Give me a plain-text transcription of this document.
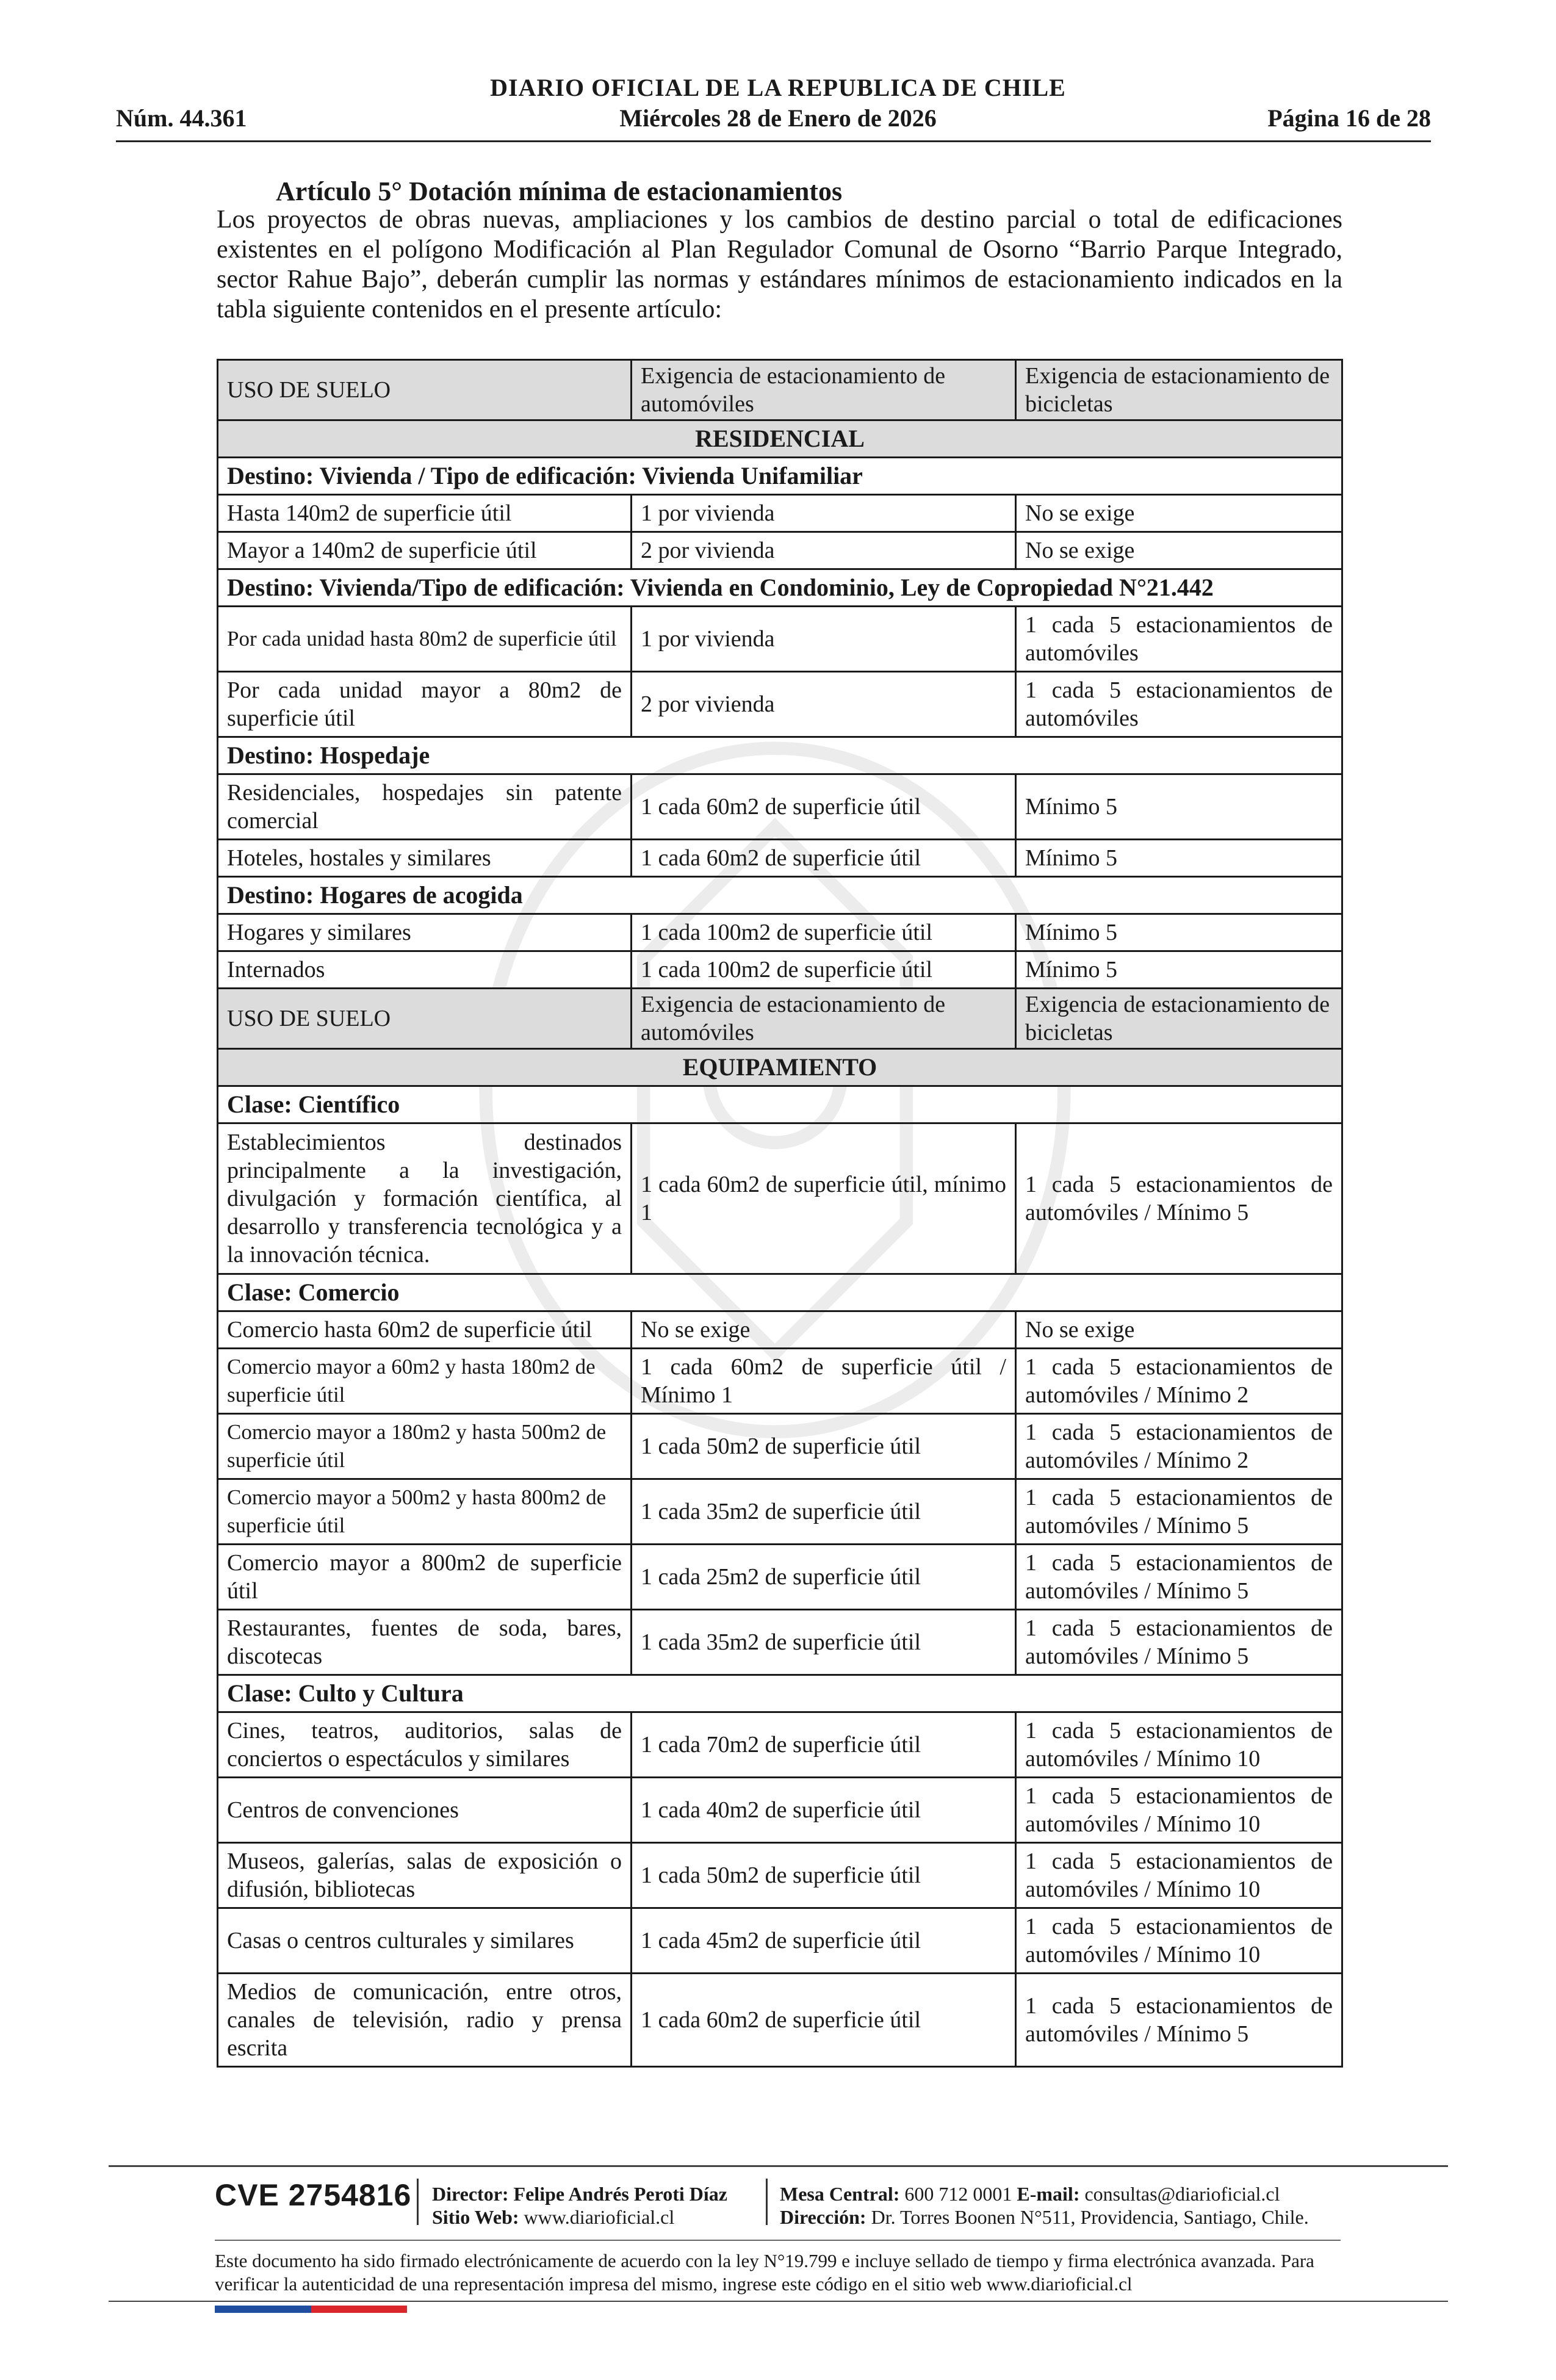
DIARIO OFICIAL DE LA REPUBLICA DE CHILE
Núm. 44.361	Miércoles 28 de Enero de 2026	Página 16 de 28
Artículo 5° Dotación mínima de estacionamientos

Los proyectos de obras nuevas, ampliaciones y los cambios de destino parcial o total de edificaciones existentes en el polígono Modificación al Plan Regulador Comunal de Osorno “Barrio Parque Integrado, sector Rahue Bajo”, deberán cumplir las normas y estándares mínimos de estacionamiento indicados en la tabla siguiente contenidos en el presente artículo:

USO DE SUELO	Exigencia de estacionamiento de automóviles	Exigencia de estacionamiento de bicicletas
RESIDENCIAL		
Destino: Vivienda / Tipo de edificación: Vivienda Unifamiliar		
Hasta 140m2 de superficie útil	1 por vivienda	No se exige
Mayor a 140m2 de superficie útil	2 por vivienda	No se exige
Destino: Vivienda/Tipo de edificación: Vivienda en Condominio, Ley de Copropiedad N°21.442		
Por cada unidad hasta 80m2 de superficie útil	1 por vivienda	1 cada 5 estacionamientos de automóviles
Por cada unidad mayor a 80m2 de superficie útil	2 por vivienda	1 cada 5 estacionamientos de automóviles
Destino: Hospedaje		
Residenciales, hospedajes sin patente comercial	1 cada 60m2 de superficie útil	Mínimo 5
Hoteles, hostales y similares	1 cada 60m2 de superficie útil	Mínimo 5
Destino: Hogares de acogida		
Hogares y similares	1 cada 100m2 de superficie útil	Mínimo 5
Internados	1 cada 100m2 de superficie útil	Mínimo 5
USO DE SUELO	Exigencia de estacionamiento de automóviles	Exigencia de estacionamiento de bicicletas
EQUIPAMIENTO		
Clase: Científico		
Establecimientos destinados principalmente a la investigación, divulgación y formación científica, al desarrollo y transferencia tecnológica y a la innovación técnica.	1 cada 60m2 de superficie útil, mínimo 1	1 cada 5 estacionamientos de automóviles / Mínimo 5
Clase: Comercio		
Comercio hasta 60m2 de superficie útil	No se exige	No se exige
Comercio mayor a 60m2 y hasta 180m2 de superficie útil	1 cada 60m2 de superficie útil / Mínimo 1	1 cada 5 estacionamientos de automóviles / Mínimo 2
Comercio mayor a 180m2 y hasta 500m2 de superficie útil	1 cada 50m2 de superficie útil	1 cada 5 estacionamientos de automóviles / Mínimo 2
Comercio mayor a 500m2 y hasta 800m2 de superficie útil	1 cada 35m2 de superficie útil	1 cada 5 estacionamientos de automóviles / Mínimo 5
Comercio mayor a 800m2 de superficie útil	1 cada 25m2 de superficie útil	1 cada 5 estacionamientos de automóviles / Mínimo 5
Restaurantes, fuentes de soda, bares, discotecas	1 cada 35m2 de superficie útil	1 cada 5 estacionamientos de automóviles / Mínimo 5
Clase: Culto y Cultura		
Cines, teatros, auditorios, salas de conciertos o espectáculos y similares	1 cada 70m2 de superficie útil	1 cada 5 estacionamientos de automóviles / Mínimo 10
Centros de convenciones	1 cada 40m2 de superficie útil	1 cada 5 estacionamientos de automóviles / Mínimo 10
Museos, galerías, salas de exposición o difusión, bibliotecas	1 cada 50m2 de superficie útil	1 cada 5 estacionamientos de automóviles / Mínimo 10
Casas o centros culturales y similares	1 cada 45m2 de superficie útil	1 cada 5 estacionamientos de automóviles / Mínimo 10
Medios de comunicación, entre otros, canales de televisión, radio y prensa escrita	1 cada 60m2 de superficie útil	1 cada 5 estacionamientos de automóviles / Mínimo 5
CVE 2754816 Director: Felipe Andrés Peroti Díaz
Sitio Web: www.diarioficial.cl
Mesa Central: 600 712 0001 E-mail: consultas@diarioficial.cl
Dirección: Dr. Torres Boonen N°511, Providencia, Santiago, Chile.
Este documento ha sido firmado electrónicamente de acuerdo con la ley N°19.799 e incluye sellado de tiempo y firma electrónica avanzada. Para verificar la autenticidad de una representación impresa del mismo, ingrese este código en el sitio web www.diarioficial.cl
